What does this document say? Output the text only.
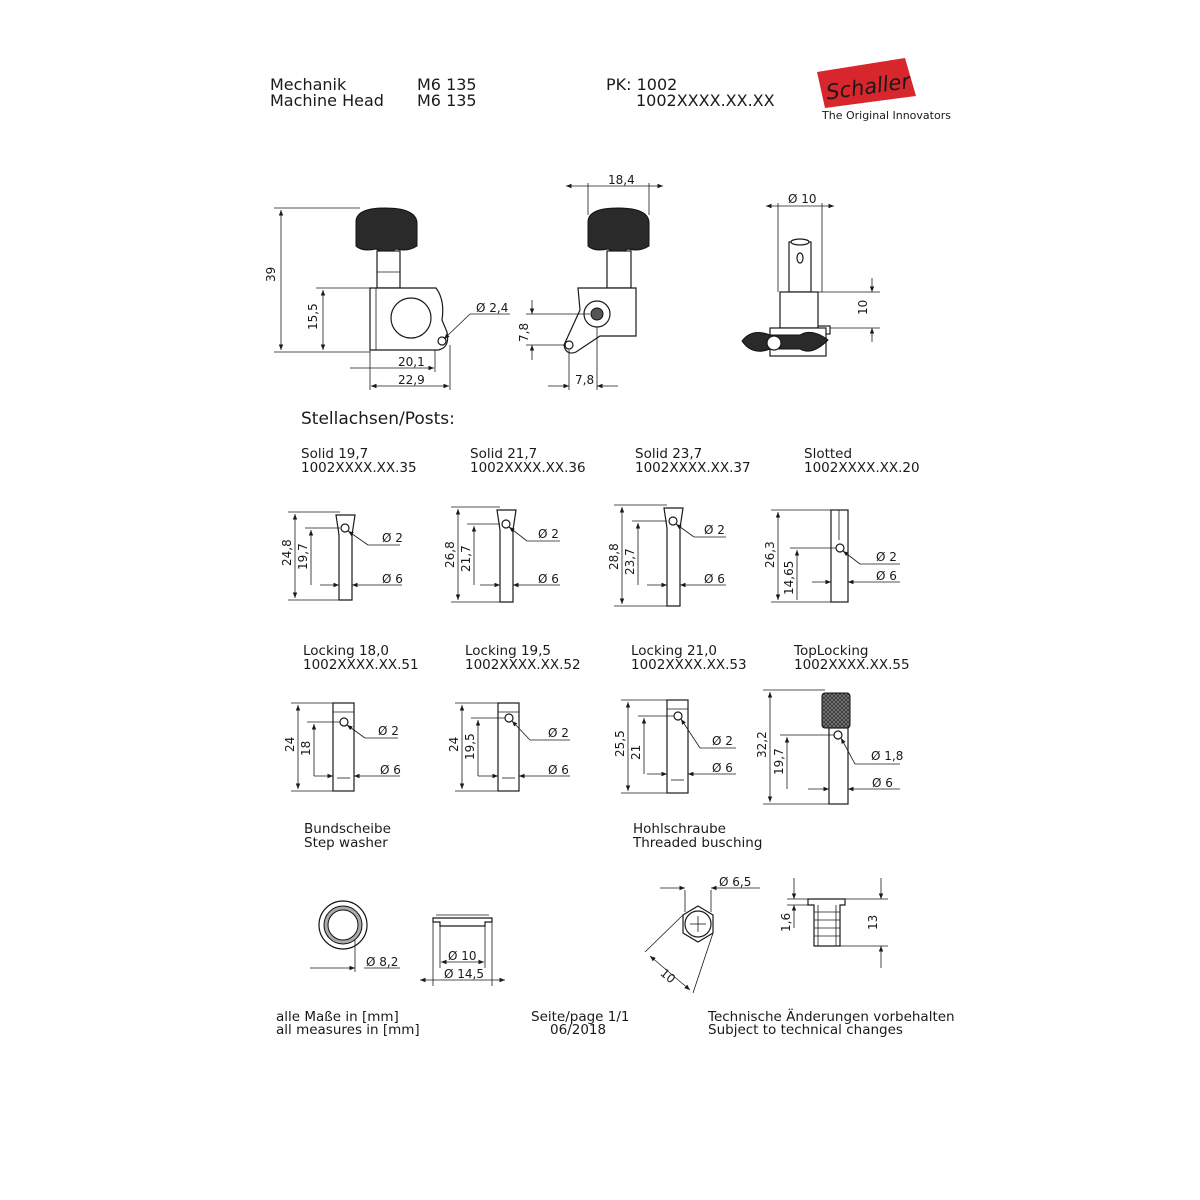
Mechanik
Machine Head
M6 135
M6 135
PK: 1002
1002XXXX.XX.XX
The Original Innovators
Stellachsen/Posts:
Solid 19,7
1002XXXX.XX.35
Solid 21,7
1002XXXX.XX.36
Solid 23,7
1002XXXX.XX.37
Slotted
1002XXXX.XX.20
Locking 18,0
1002XXXX.XX.51
Locking 19,5
1002XXXX.XX.52
Locking 21,0
1002XXXX.XX.53
TopLocking
1002XXXX.XX.55
Bundscheibe
Step washer
Hohlschraube
Threaded busching
alle Maße in [mm]
all measures in [mm]
Seite/page 1/1
06/2018
Technische Änderungen vorbehalten
Subject to technical changes
Schaller
39
15,5
20,1
22,9
Ø 2,4
18,4
7,8
7,8
Ø 10
10
24,8 19,7
Ø 2
Ø 6
26,8 21,7
Ø 2
Ø 6
28,8 23,7
Ø 2
Ø 6
26,3
14,65
Ø 2
Ø 6
24 18
Ø 2
Ø 6
24 19,5
Ø 2
Ø 6
25,5 21
Ø 2
Ø 6
32,2
19,7	Ø 1,8
Ø 6
Ø 8,2	Ø 10
Ø 14,5
Ø 6,5
10
1,6	13
